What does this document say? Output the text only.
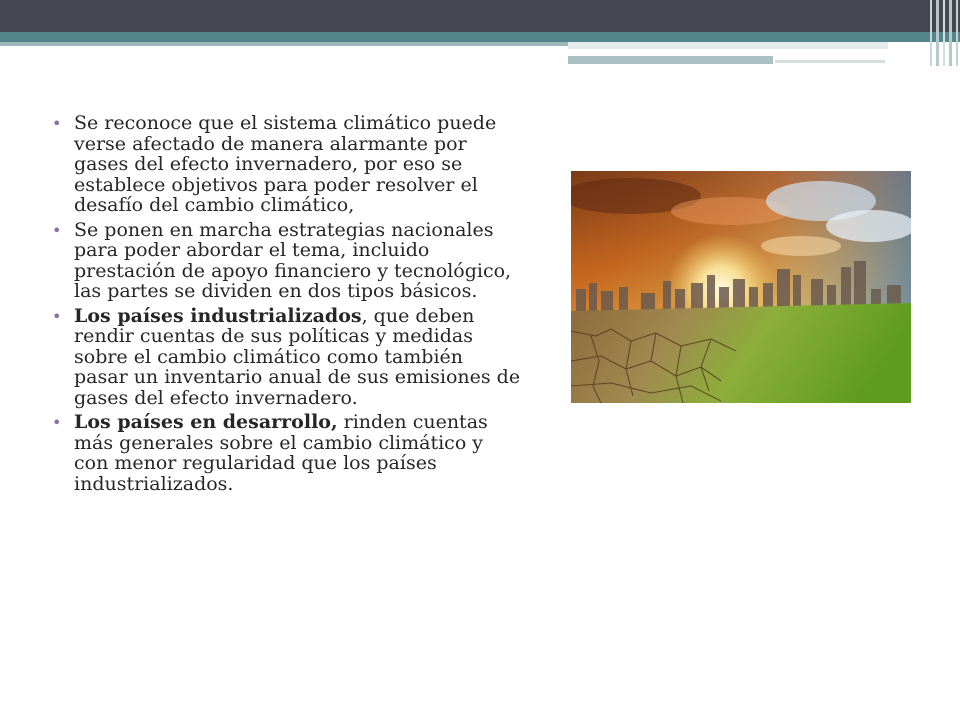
• Se reconoce que el sistema climático puede verse afectado de manera alarmante por gases del efecto invernadero, por eso se establece objetivos para poder resolver el desafío del cambio climático,
• Se ponen en marcha estrategias nacionales para poder abordar el tema, incluido prestación de apoyo financiero y tecnológico, las partes se dividen en dos tipos básicos.
• Los países industrializados, que deben rendir cuentas de sus políticas y medidas sobre el cambio climático como también pasar un inventario anual de sus emisiones de gases del efecto invernadero.
• Los países en desarrollo, rinden cuentas más generales sobre el cambio climático y con menor regularidad que los países industrializados.
